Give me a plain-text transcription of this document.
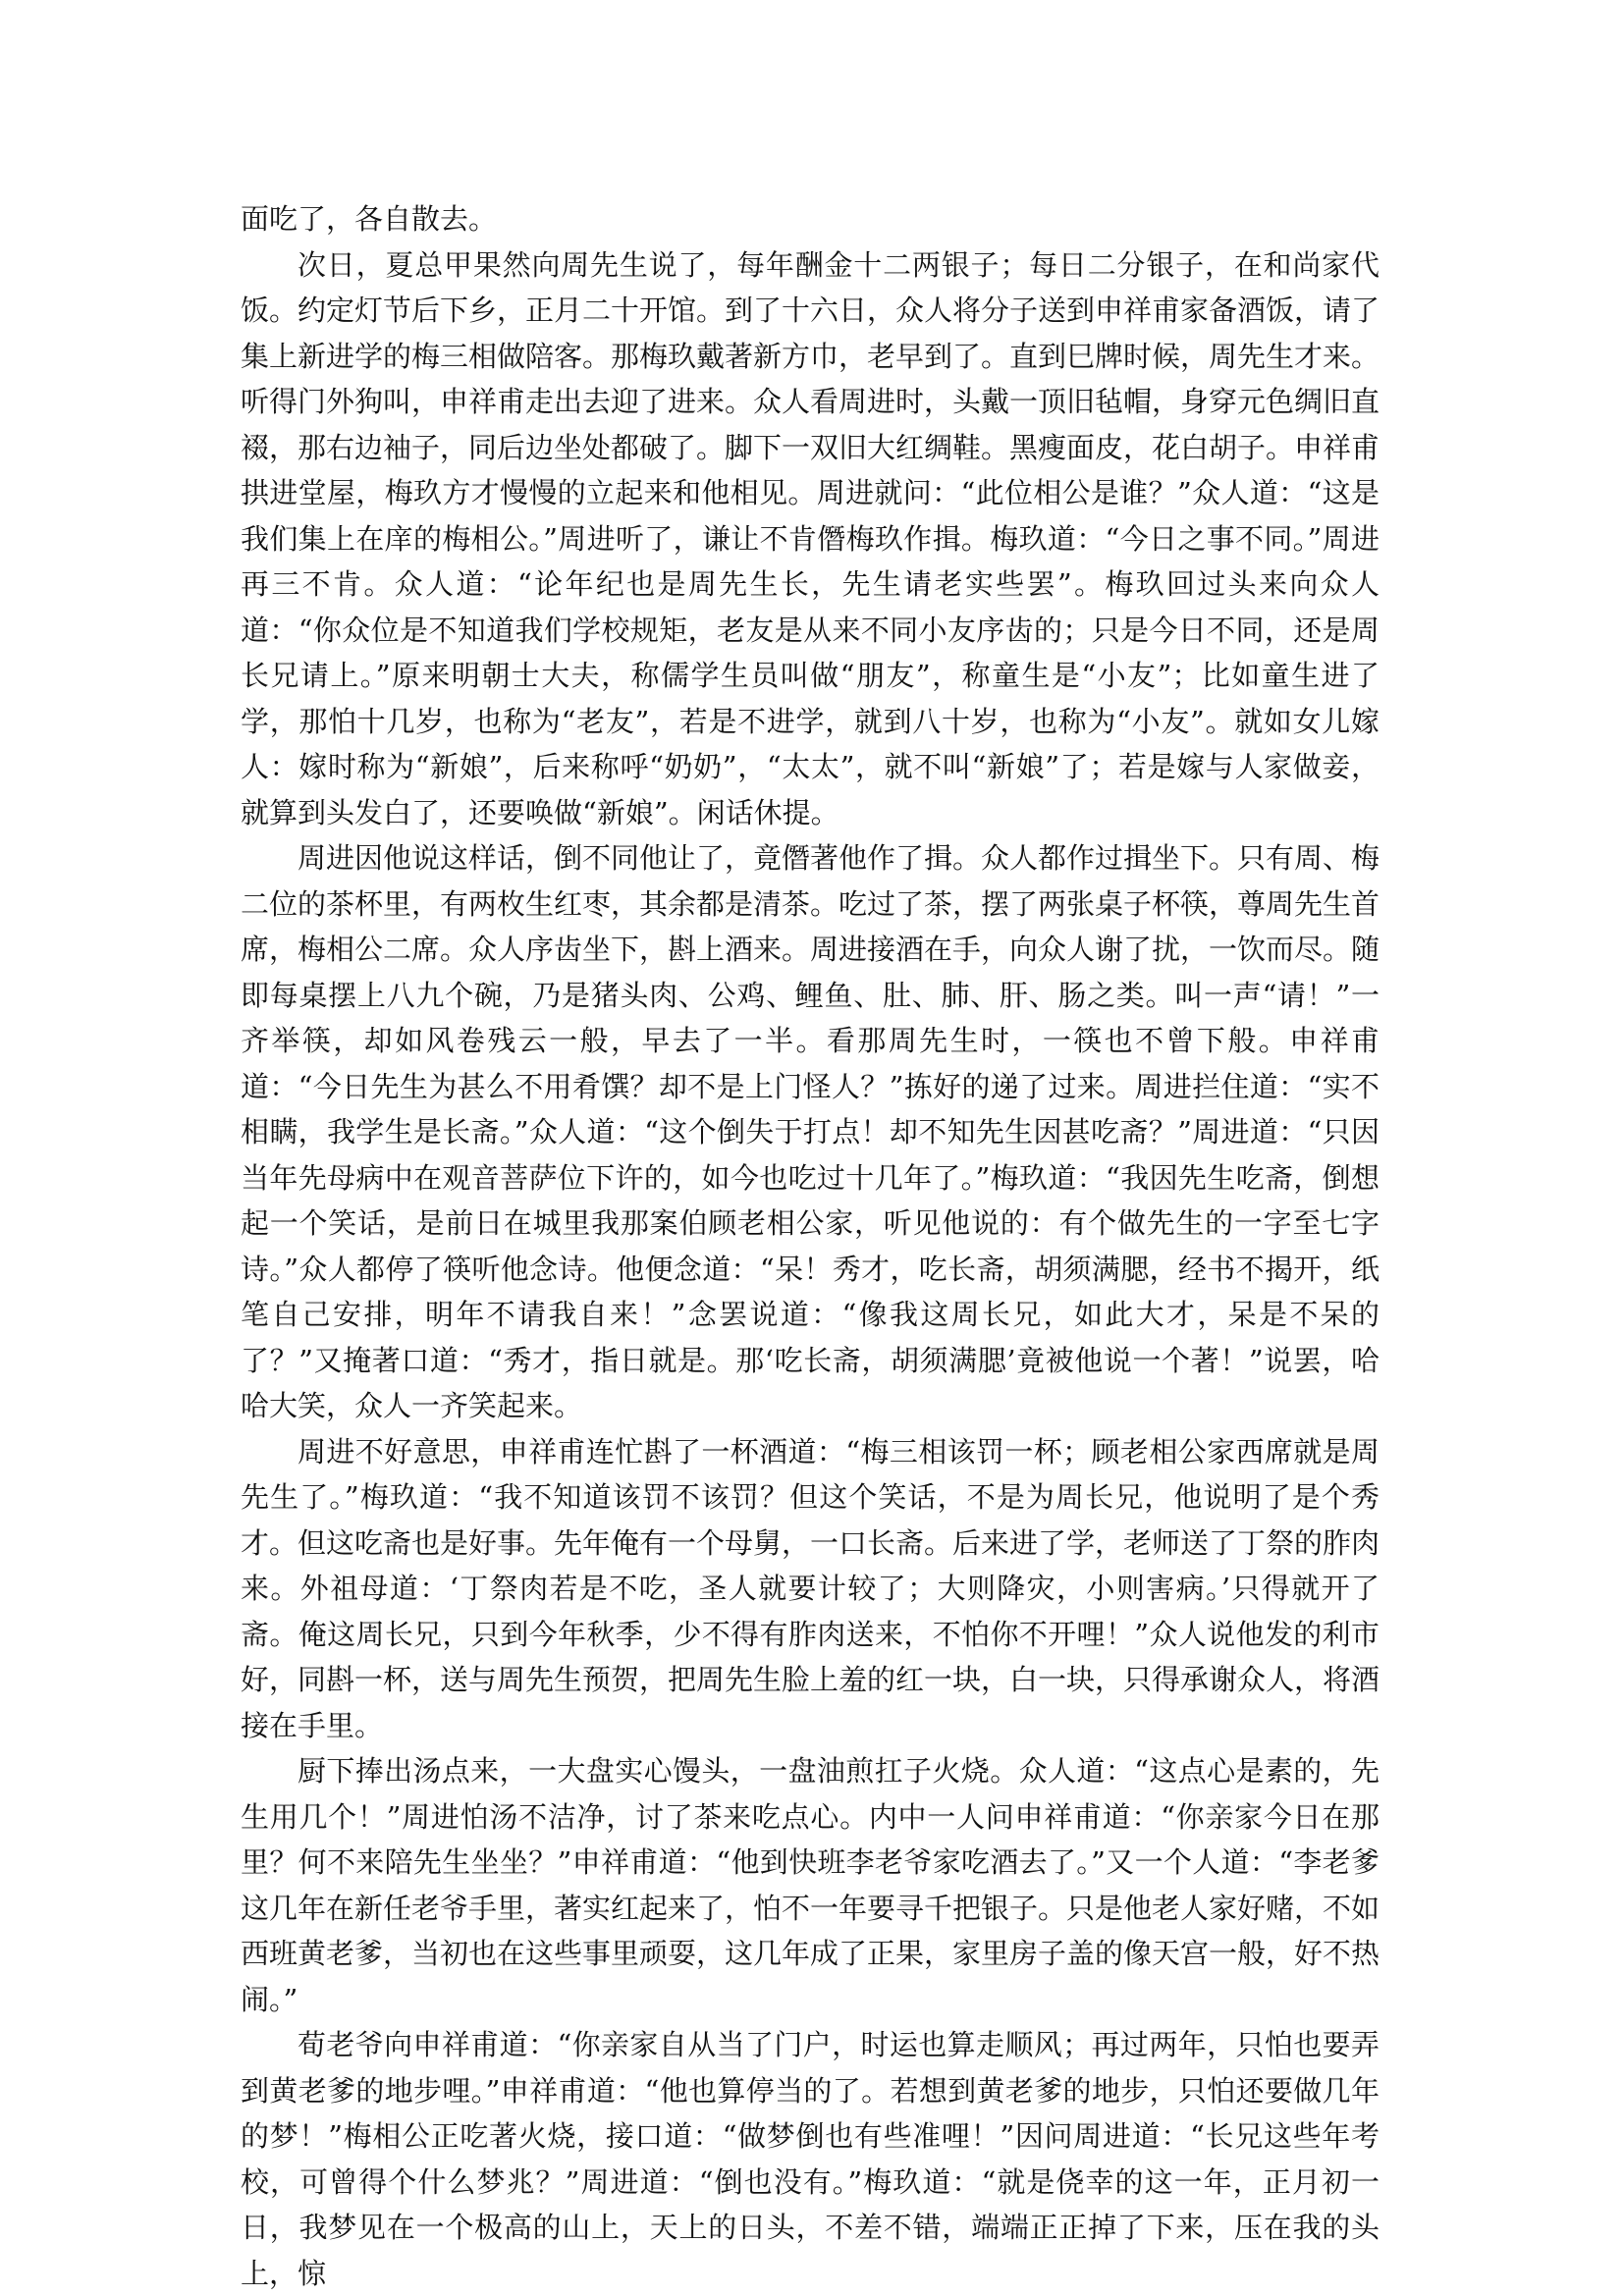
面吃了，各自散去。

次日，夏总甲果然向周先生说了，每年酬金十二两银子；每日二分银子，在和尚家代饭。约定灯节后下乡，正月二十开馆。到了十六日，众人将分子送到申祥甫家备酒饭，请了集上新进学的梅三相做陪客。那梅玖戴著新方巾，老早到了。直到巳牌时候，周先生才来。听得门外狗叫，申祥甫走出去迎了进来。众人看周进时，头戴一顶旧毡帽，身穿元色绸旧直裰，那右边袖子，同后边坐处都破了。脚下一双旧大红绸鞋。黑瘦面皮，花白胡子。申祥甫拱进堂屋，梅玖方才慢慢的立起来和他相见。周进就问：“此位相公是谁？”众人道：“这是我们集上在庠的梅相公。”周进听了，谦让不肯僭梅玖作揖。梅玖道：“今日之事不同。”周进再三不肯。众人道：“论年纪也是周先生长，先生请老实些罢”。梅玖回过头来向众人道：“你众位是不知道我们学校规矩，老友是从来不同小友序齿的；只是今日不同，还是周长兄请上。”原来明朝士大夫，称儒学生员叫做“朋友”，称童生是“小友”；比如童生进了学，那怕十几岁，也称为“老友”，若是不进学，就到八十岁，也称为“小友”。就如女儿嫁人：嫁时称为“新娘”，后来称呼“奶奶”，“太太”，就不叫“新娘”了；若是嫁与人家做妾，就算到头发白了，还要唤做“新娘”。闲话休提。

周进因他说这样话，倒不同他让了，竟僭著他作了揖。众人都作过揖坐下。只有周、梅二位的茶杯里，有两枚生红枣，其余都是清茶。吃过了茶，摆了两张桌子杯筷，尊周先生首席，梅相公二席。众人序齿坐下，斟上酒来。周进接酒在手，向众人谢了扰，一饮而尽。随即每桌摆上八九个碗，乃是猪头肉、公鸡、鲤鱼、肚、肺、肝、肠之类。叫一声“请！”一齐举筷，却如风卷残云一般，早去了一半。看那周先生时，一筷也不曾下般。申祥甫道：“今日先生为甚么不用肴馔？却不是上门怪人？”拣好的递了过来。周进拦住道：“实不相瞒，我学生是长斋。”众人道：“这个倒失于打点！却不知先生因甚吃斋？”周进道：“只因当年先母病中在观音菩萨位下许的，如今也吃过十几年了。”梅玖道：“我因先生吃斋，倒想起一个笑话，是前日在城里我那案伯顾老相公家，听见他说的：有个做先生的一字至七字诗。”众人都停了筷听他念诗。他便念道：“呆！秀才，吃长斋，胡须满腮，经书不揭开，纸笔自己安排，明年不请我自来！”念罢说道：“像我这周长兄，如此大才，呆是不呆的了？”又掩著口道：“秀才，指日就是。那‘吃长斋，胡须满腮’竟被他说一个著！”说罢，哈哈大笑，众人一齐笑起来。

周进不好意思，申祥甫连忙斟了一杯酒道：“梅三相该罚一杯；顾老相公家西席就是周先生了。”梅玖道：“我不知道该罚不该罚？但这个笑话，不是为周长兄，他说明了是个秀才。但这吃斋也是好事。先年俺有一个母舅，一口长斋。后来进了学，老师送了丁祭的胙肉来。外祖母道：‘丁祭肉若是不吃，圣人就要计较了；大则降灾，小则害病。’只得就开了斋。俺这周长兄，只到今年秋季，少不得有胙肉送来，不怕你不开哩！”众人说他发的利市好，同斟一杯，送与周先生预贺，把周先生脸上羞的红一块，白一块，只得承谢众人，将酒接在手里。

厨下捧出汤点来，一大盘实心馒头，一盘油煎扛子火烧。众人道：“这点心是素的，先生用几个！”周进怕汤不洁净，讨了茶来吃点心。内中一人问申祥甫道：“你亲家今日在那里？何不来陪先生坐坐？”申祥甫道：“他到快班李老爷家吃酒去了。”又一个人道：“李老爹这几年在新任老爷手里，著实红起来了，怕不一年要寻千把银子。只是他老人家好赌，不如西班黄老爹，当初也在这些事里顽耍，这几年成了正果，家里房子盖的像天宫一般，好不热闹。”

荀老爷向申祥甫道：“你亲家自从当了门户，时运也算走顺风；再过两年，只怕也要弄到黄老爹的地步哩。”申祥甫道：“他也算停当的了。若想到黄老爹的地步，只怕还要做几年的梦！”梅相公正吃著火烧，接口道：“做梦倒也有些准哩！”因问周进道：“长兄这些年考校，可曾得个什么梦兆？”周进道：“倒也没有。”梅玖道：“就是侥幸的这一年，正月初一日，我梦见在一个极高的山上，天上的日头，不差不错，端端正正掉了下来，压在我的头上，惊
